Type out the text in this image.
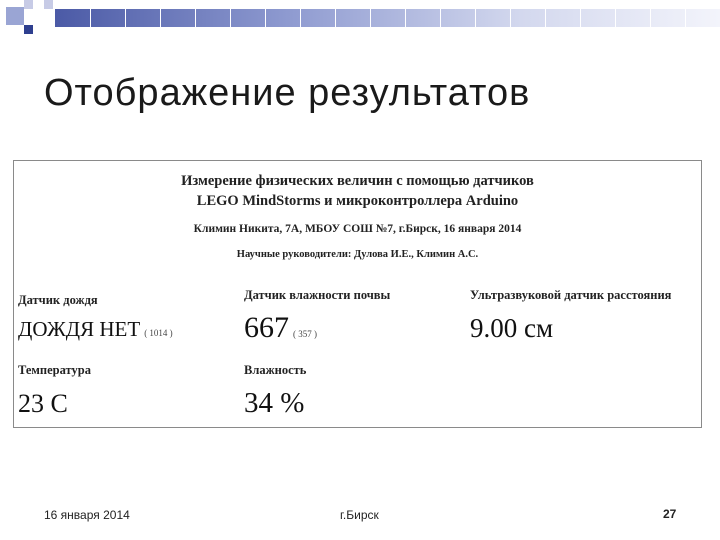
Отображение результатов
Измерение физических величин с помощью датчиков
LEGO MindStorms и микроконтроллера Arduino
Климин Никита, 7А, МБОУ СОШ №7, г.Бирск, 16 января 2014
Научные руководители: Дулова И.Е., Климин А.С.
Датчик дождя
ДОЖДЯ НЕТ ( 1014 )
Датчик влажности почвы
667 ( 357 )
Ультразвуковой датчик расстояния
9.00 см
Температура
23 C
Влажность
34 %
16 января 2014	г.Бирск	27
